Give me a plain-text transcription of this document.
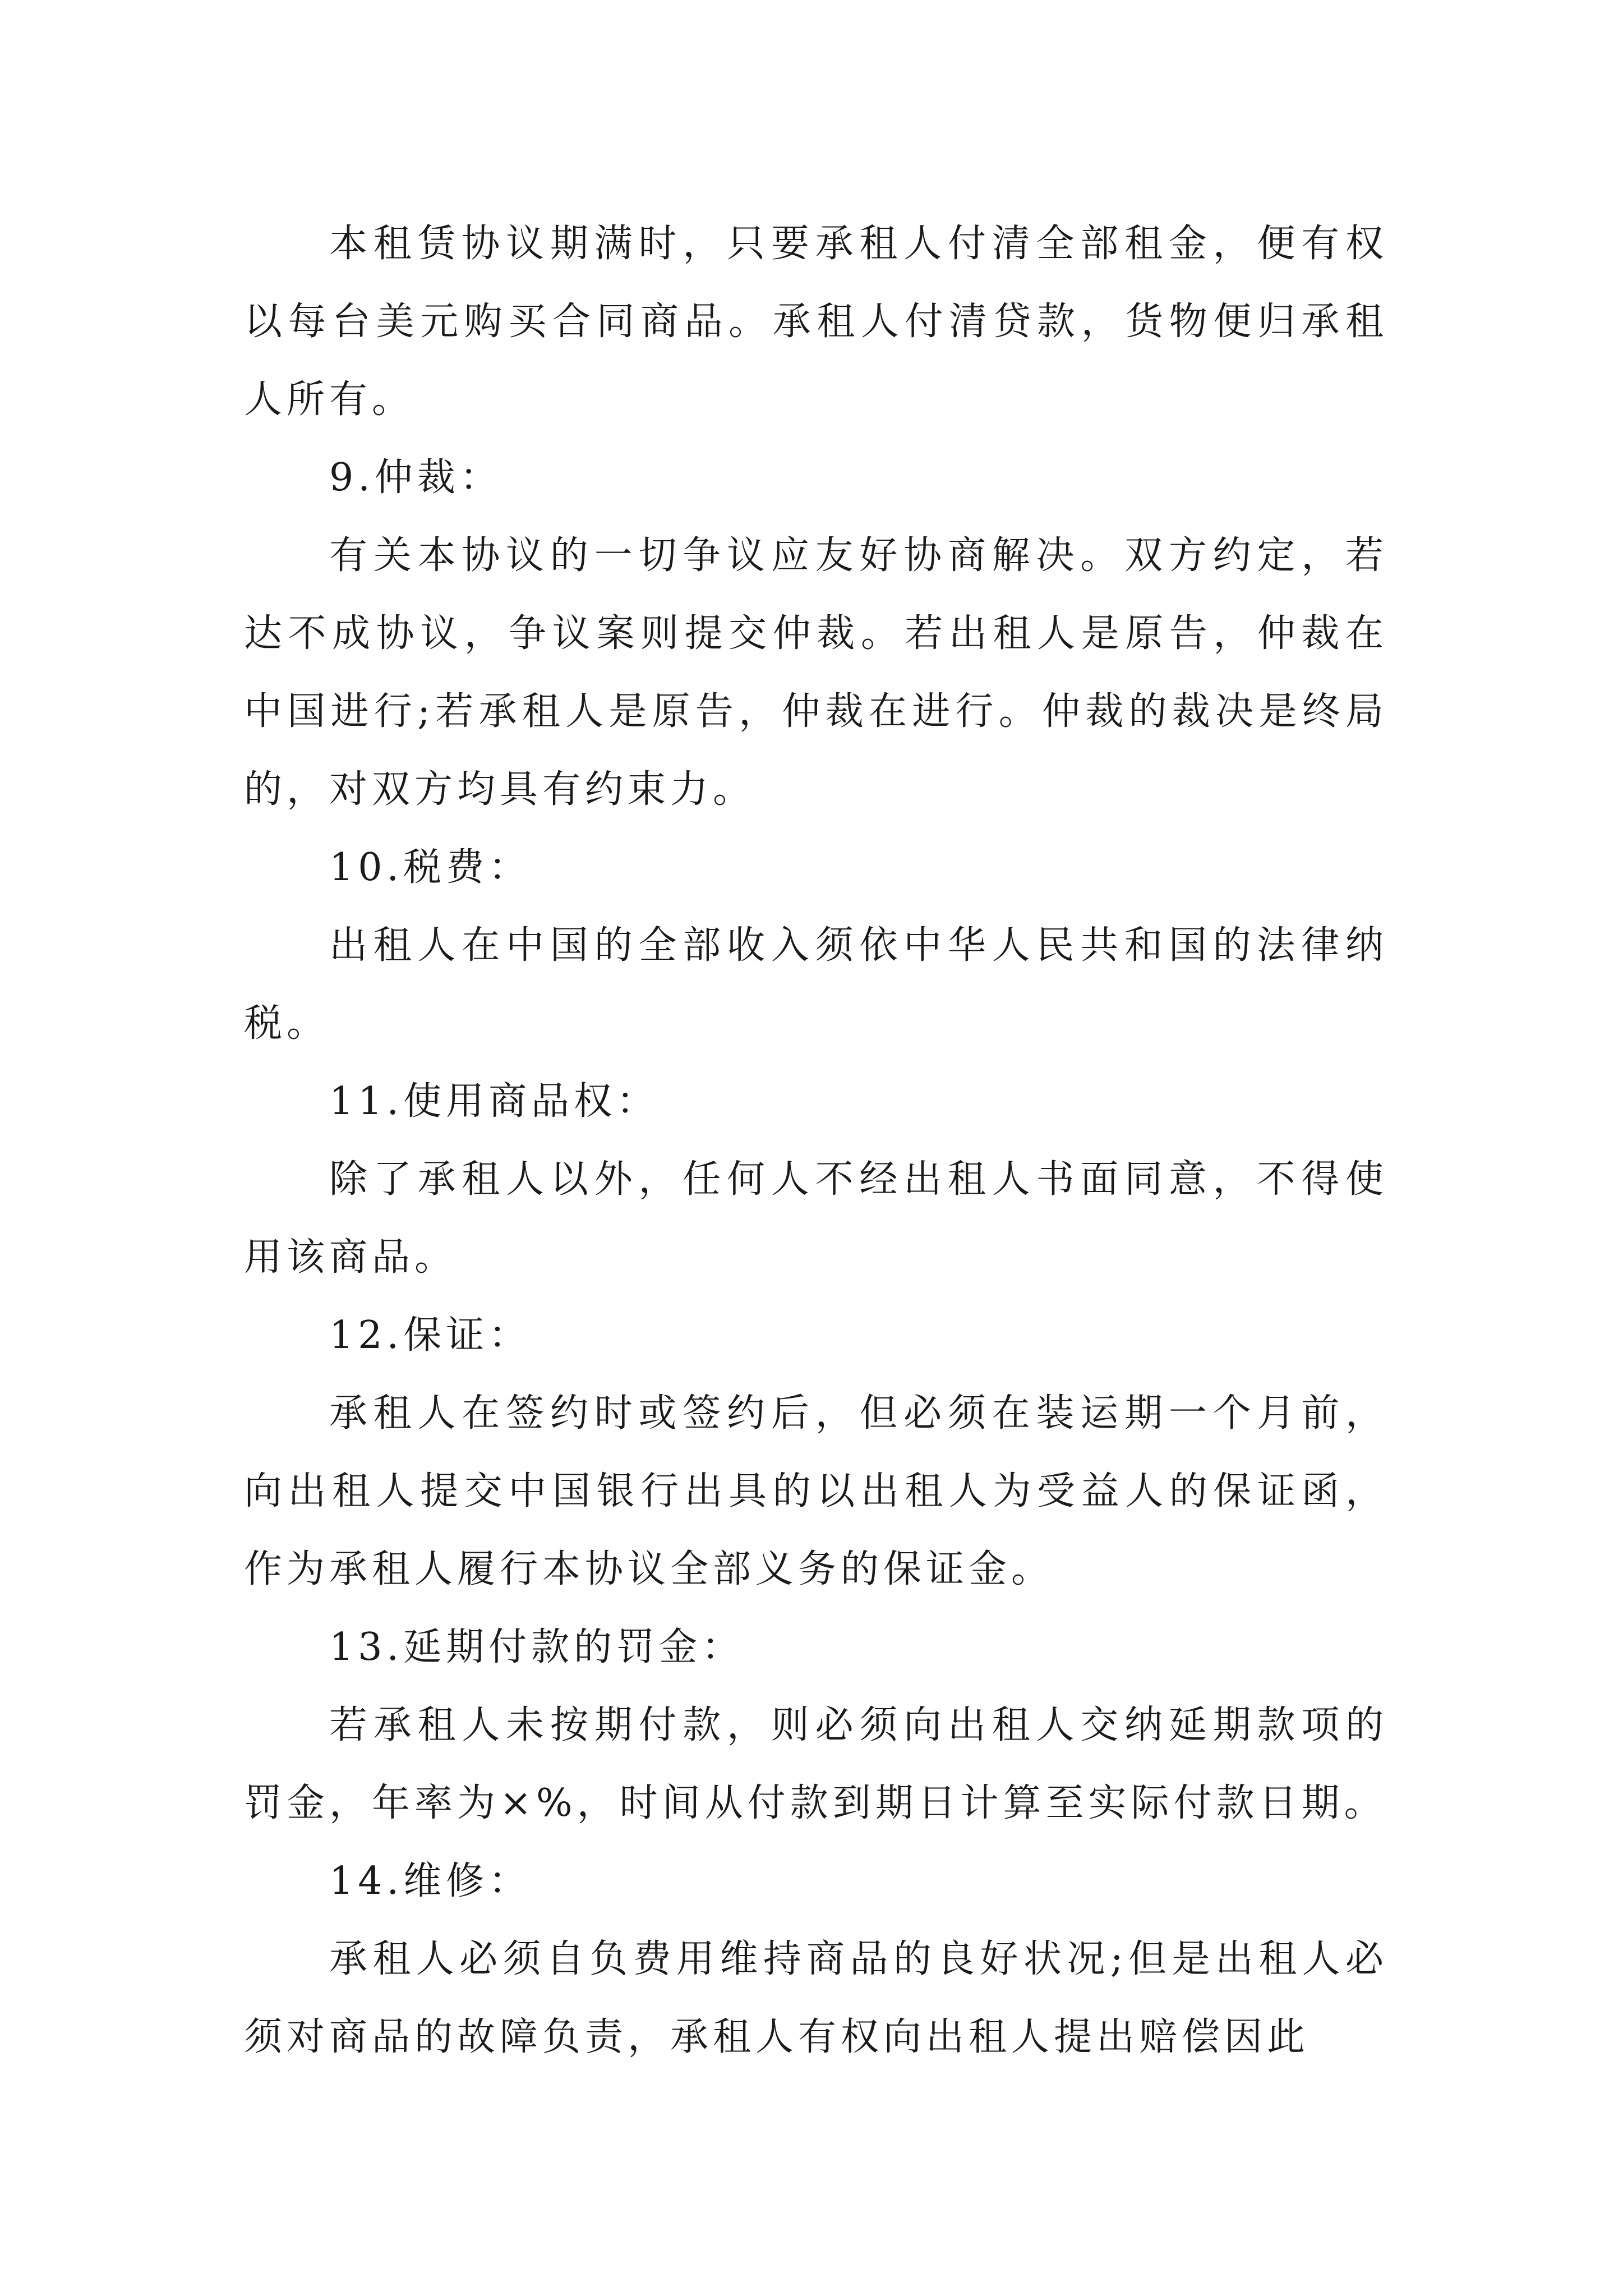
本租赁协议期满时，只要承租人付清全部租金，便有权以每台美元购买合同商品。承租人付清贷款，货物便归承租人所有。

9.仲裁：

有关本协议的一切争议应友好协商解决。双方约定，若达不成协议，争议案则提交仲裁。若出租人是原告，仲裁在中国进行;若承租人是原告，仲裁在进行。仲裁的裁决是终局的，对双方均具有约束力。

10.税费：

出租人在中国的全部收入须依中华人民共和国的法律纳税。

11.使用商品权：

除了承租人以外，任何人不经出租人书面同意，不得使用该商品。

12.保证：

承租人在签约时或签约后，但必须在装运期一个月前，向出租人提交中国银行出具的以出租人为受益人的保证函，作为承租人履行本协议全部义务的保证金。

13.延期付款的罚金：

若承租人未按期付款，则必须向出租人交纳延期款项的罚金，年率为×%，时间从付款到期日计算至实际付款日期。

14.维修：

承租人必须自负费用维持商品的良好状况;但是出租人必须对商品的故障负责，承租人有权向出租人提出赔偿因此
